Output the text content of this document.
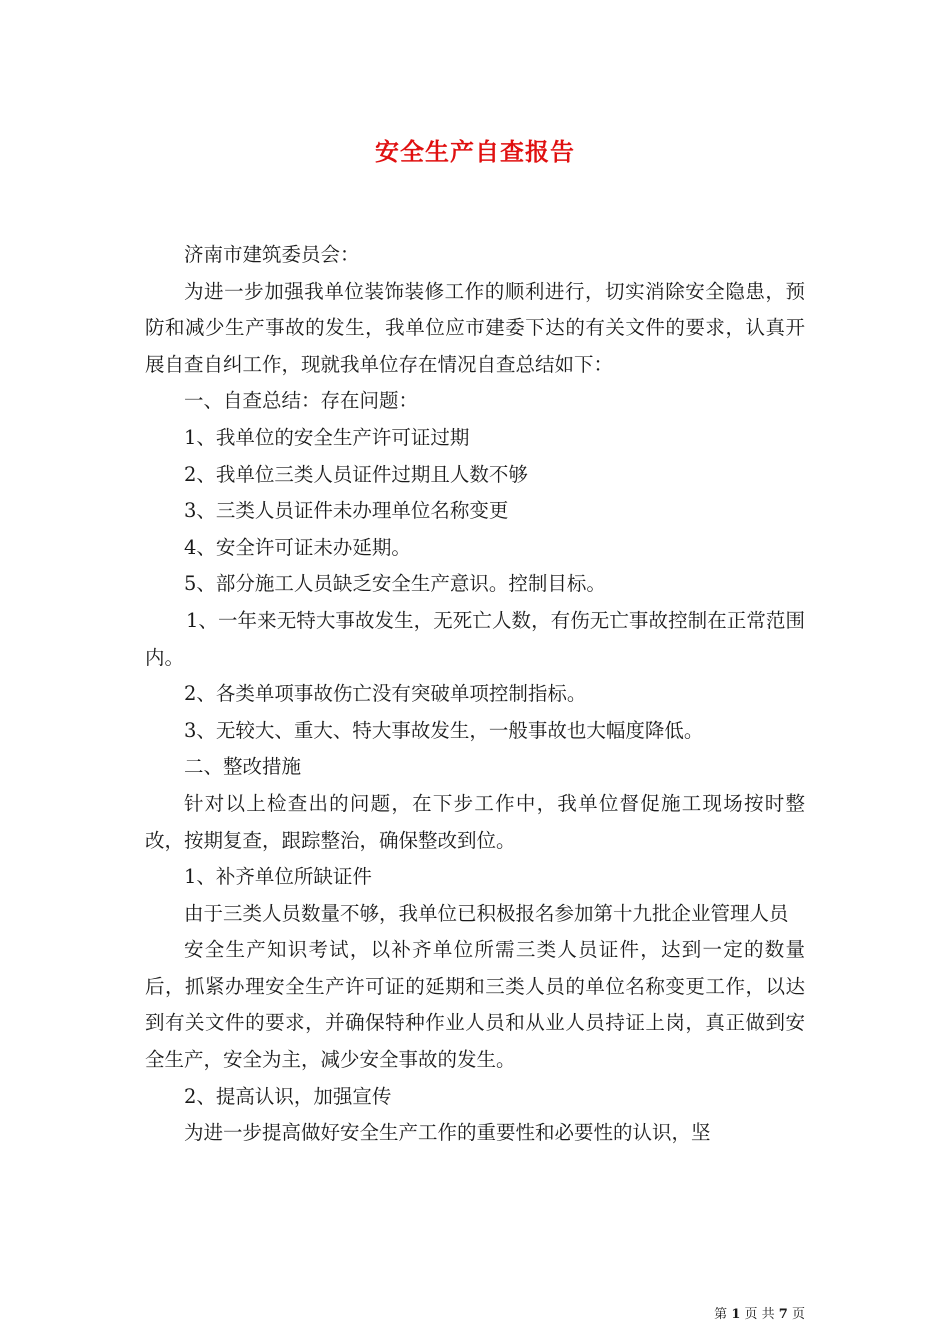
安全生产自查报告

济南市建筑委员会：

为进一步加强我单位装饰装修工作的顺利进行，切实消除安全隐患，预防和减少生产事故的发生，我单位应市建委下达的有关文件的要求，认真开展自查自纠工作，现就我单位存在情况自查总结如下：

一、自查总结：存在问题：

1、我单位的安全生产许可证过期

2、我单位三类人员证件过期且人数不够

3、三类人员证件未办理单位名称变更

4、安全许可证未办延期。

5、部分施工人员缺乏安全生产意识。控制目标。

1、一年来无特大事故发生，无死亡人数，有伤无亡事故控制在正常范围内。

2、各类单项事故伤亡没有突破单项控制指标。

3、无较大、重大、特大事故发生，一般事故也大幅度降低。

二、整改措施

针对以上检查出的问题，在下步工作中，我单位督促施工现场按时整改，按期复查，跟踪整治，确保整改到位。

1、补齐单位所缺证件

由于三类人员数量不够，我单位已积极报名参加第十九批企业管理人员

安全生产知识考试，以补齐单位所需三类人员证件，达到一定的数量后，抓紧办理安全生产许可证的延期和三类人员的单位名称变更工作，以达到有关文件的要求，并确保特种作业人员和从业人员持证上岗，真正做到安全生产，安全为主，减少安全事故的发生。

2、提高认识，加强宣传

为进一步提高做好安全生产工作的重要性和必要性的认识，坚

第 1 页 共 7 页
